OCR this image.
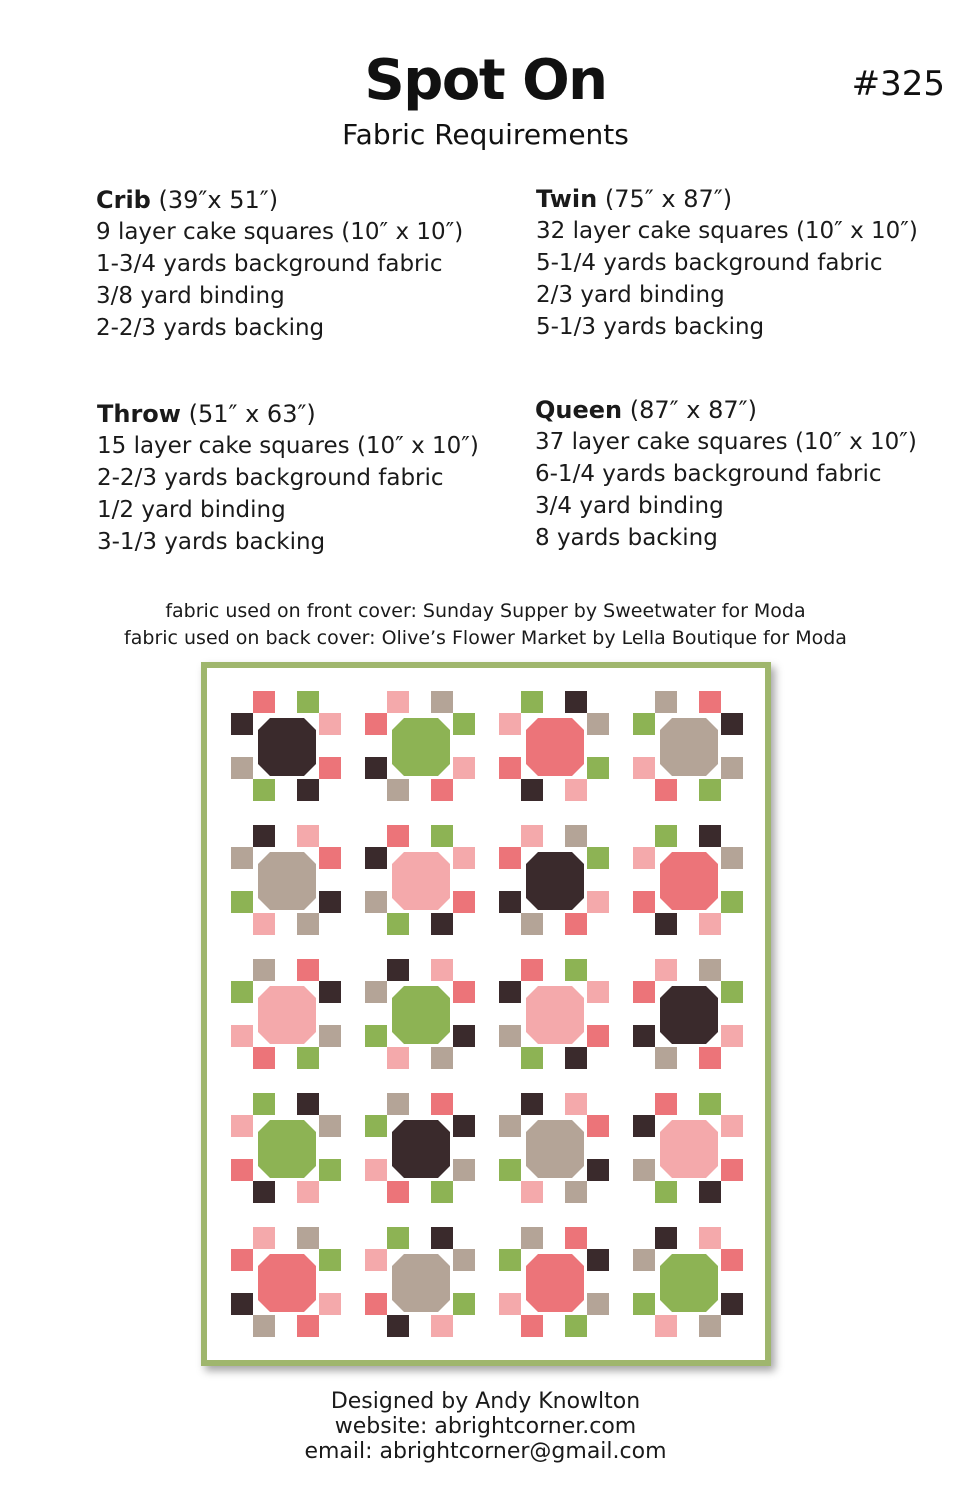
Spot On	#325
Fabric Requirements
Crib (39″x 51″)
9 layer cake squares (10″ x 10″)
1-3/4 yards background fabric
3/8 yard binding
2-2/3 yards backing
Twin (75″ x 87″)
32 layer cake squares (10″ x 10″)
5-1/4 yards background fabric
2/3 yard binding
5-1/3 yards backing
Throw (51″ x 63″)
15 layer cake squares (10″ x 10″)
2-2/3 yards background fabric
1/2 yard binding
3-1/3 yards backing
Queen (87″ x 87″)
37 layer cake squares (10″ x 10″)
6-1/4 yards background fabric
3/4 yard binding
8 yards backing
fabric used on front cover: Sunday Supper by Sweetwater for Moda
fabric used on back cover: Olive’s Flower Market by Lella Boutique for Moda
Designed by Andy Knowlton
website: abrightcorner.com
email: abrightcorner@gmail.com
